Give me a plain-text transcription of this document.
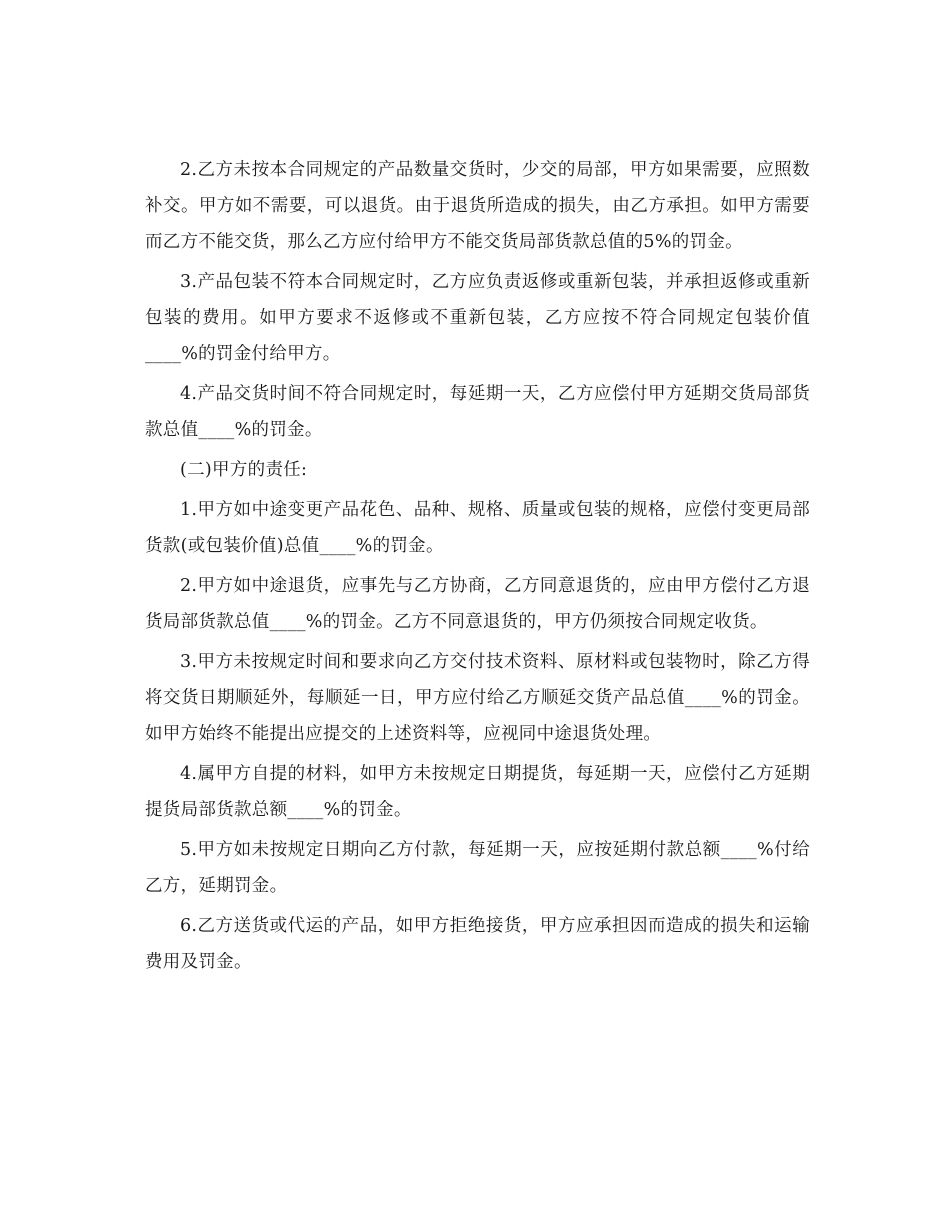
2.乙方未按本合同规定的产品数量交货时，少交的局部，甲方如果需要，应照数补交。甲方如不需要，可以退货。由于退货所造成的损失，由乙方承担。如甲方需要而乙方不能交货，那么乙方应付给甲方不能交货局部货款总值的5%的罚金。

3.产品包装不符本合同规定时，乙方应负责返修或重新包装，并承担返修或重新包装的费用。如甲方要求不返修或不重新包装，乙方应按不符合同规定包装价值____%的罚金付给甲方。

4.产品交货时间不符合同规定时，每延期一天，乙方应偿付甲方延期交货局部货款总值____%的罚金。

(二)甲方的责任:

1.甲方如中途变更产品花色、品种、规格、质量或包装的规格，应偿付变更局部货款(或包装价值)总值____%的罚金。

2.甲方如中途退货，应事先与乙方协商，乙方同意退货的，应由甲方偿付乙方退货局部货款总值____%的罚金。乙方不同意退货的，甲方仍须按合同规定收货。

3.甲方未按规定时间和要求向乙方交付技术资料、原材料或包装物时，除乙方得将交货日期顺延外，每顺延一日，甲方应付给乙方顺延交货产品总值____%的罚金。如甲方始终不能提出应提交的上述资料等，应视同中途退货处理。

4.属甲方自提的材料，如甲方未按规定日期提货，每延期一天，应偿付乙方延期提货局部货款总额____%的罚金。

5.甲方如未按规定日期向乙方付款，每延期一天，应按延期付款总额____%付给乙方，延期罚金。

6.乙方送货或代运的产品，如甲方拒绝接货，甲方应承担因而造成的损失和运输费用及罚金。
